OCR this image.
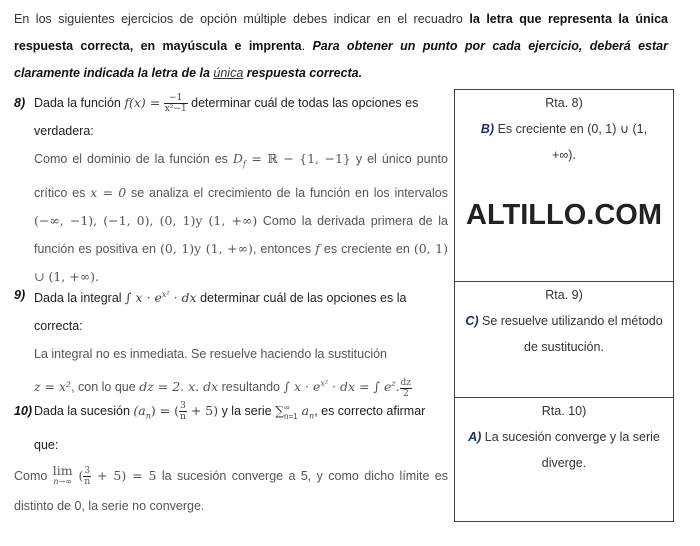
En los siguientes ejercicios de opción múltiple debes indicar en el recuadro la letra que representa la única respuesta correcta, en mayúscula e imprenta. Para obtener un punto por cada ejercicio, deberá estar claramente indicada la letra de la única respuesta correcta.
8) Dada la función $f(x) = \frac{-1}{\text{x²−1}}$ determinar cuál de todas las opciones es verdadera:
Como el dominio de la función es $D_f$ = ℝ − {1, −1} y el único punto crítico es x = 0 se analiza el crecimiento de la función en los intervalos (−∞, −1), (−1, 0), (0, 1)y (1, +∞) Como la derivada primera de la función es positiva en (0, 1)y (1, +∞), entonces f es creciente en (0, 1) ∪ (1, +∞).
9) Dada la integral ∫ $x \cdot e^{x^2}$ · dx determinar cuál de las opciones es la correcta:
La integral no es inmediata. Se resuelve haciendo la sustitución
z = x², con lo que dz = 2. x. dx resultando ∫ $x \cdot e^{x^2}$ · dx = ∫ $e^z$. $\frac{dz}{2}$
10) Dada la sucesión $(a_n)$ = ( $\frac{3}{n} + 5$) y la serie ∑ ∞
n=1 $a_n$, es correcto afirmar que:
Como lim
n→∞ ( $\frac{3}{n} + 5) = 5$ la sucesión converge a 5, y como dicho límite es distinto de 0, la serie no converge.
Rta. 8)
B) Es creciente en (0, 1) ∪ (1, +∞).
ALTILLO.COM
Rta. 9)
C) Se resuelve utilizando el método de sustitución.
Rta. 10)
A) La sucesión converge y la serie diverge.
